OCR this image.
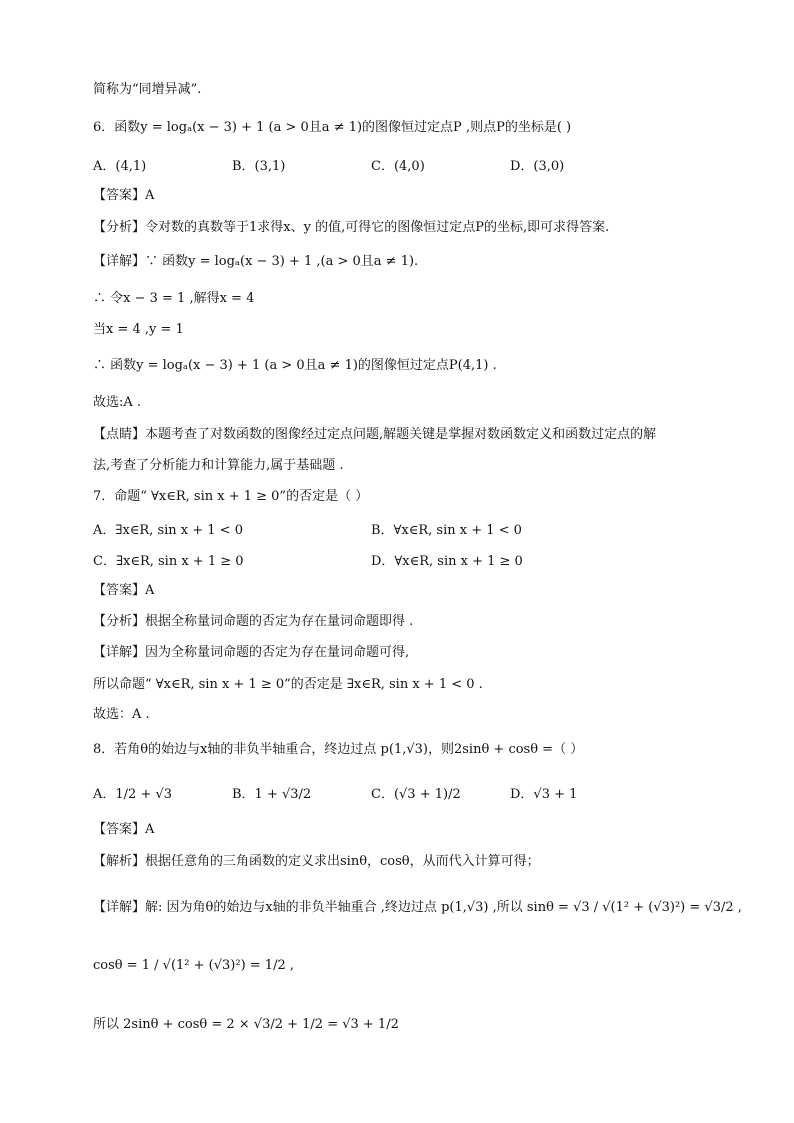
简称为“同增异减”.
6．函数y = logₐ(x − 3) + 1 (a > 0且a ≠ 1)的图像恒过定点P ,则点P的坐标是( )
A．(4,1)	B．(3,1)	C．(4,0)	D．(3,0)
【答案】A
【分析】令对数的真数等于1求得x、y 的值,可得它的图像恒过定点P的坐标,即可求得答案.
【详解】∵ 函数y = logₐ(x − 3) + 1 ,(a > 0且a ≠ 1).
∴ 令x − 3 = 1 ,解得x = 4
当x = 4 ,y = 1
∴ 函数y = logₐ(x − 3) + 1 (a > 0且a ≠ 1)的图像恒过定点P(4,1) .
故选:A .
【点睛】本题考查了对数函数的图像经过定点问题,解题关键是掌握对数函数定义和函数过定点的解
法,考查了分析能力和计算能力,属于基础题 .
7．命题“ ∀x∈R, sin x + 1 ≥ 0”的否定是（ ）
A．∃x∈R, sin x + 1 < 0	B．∀x∈R, sin x + 1 < 0
C．∃x∈R, sin x + 1 ≥ 0	D．∀x∈R, sin x + 1 ≥ 0
【答案】A
【分析】根据全称量词命题的否定为存在量词命题即得 .
【详解】因为全称量词命题的否定为存在量词命题可得,
所以命题“ ∀x∈R, sin x + 1 ≥ 0”的否定是 ∃x∈R, sin x + 1 < 0 .
故选：A .
8．若角θ的始边与x轴的非负半轴重合，终边过点 p(1,√3)，则2sinθ + cosθ =（ ）
A．1/2 + √3	B．1 + √3/2	C．(√3 + 1)/2	D．√3 + 1
【答案】A
【解析】根据任意角的三角函数的定义求出sinθ，cosθ，从而代入计算可得；
【详解】解: 因为角θ的始边与x轴的非负半轴重合 ,终边过点 p(1,√3) ,所以 sinθ = √3 / √(1² + (√3)²) = √3/2 ,
cosθ = 1 / √(1² + (√3)²) = 1/2 ,
所以 2sinθ + cosθ = 2 × √3/2 + 1/2 = √3 + 1/2
